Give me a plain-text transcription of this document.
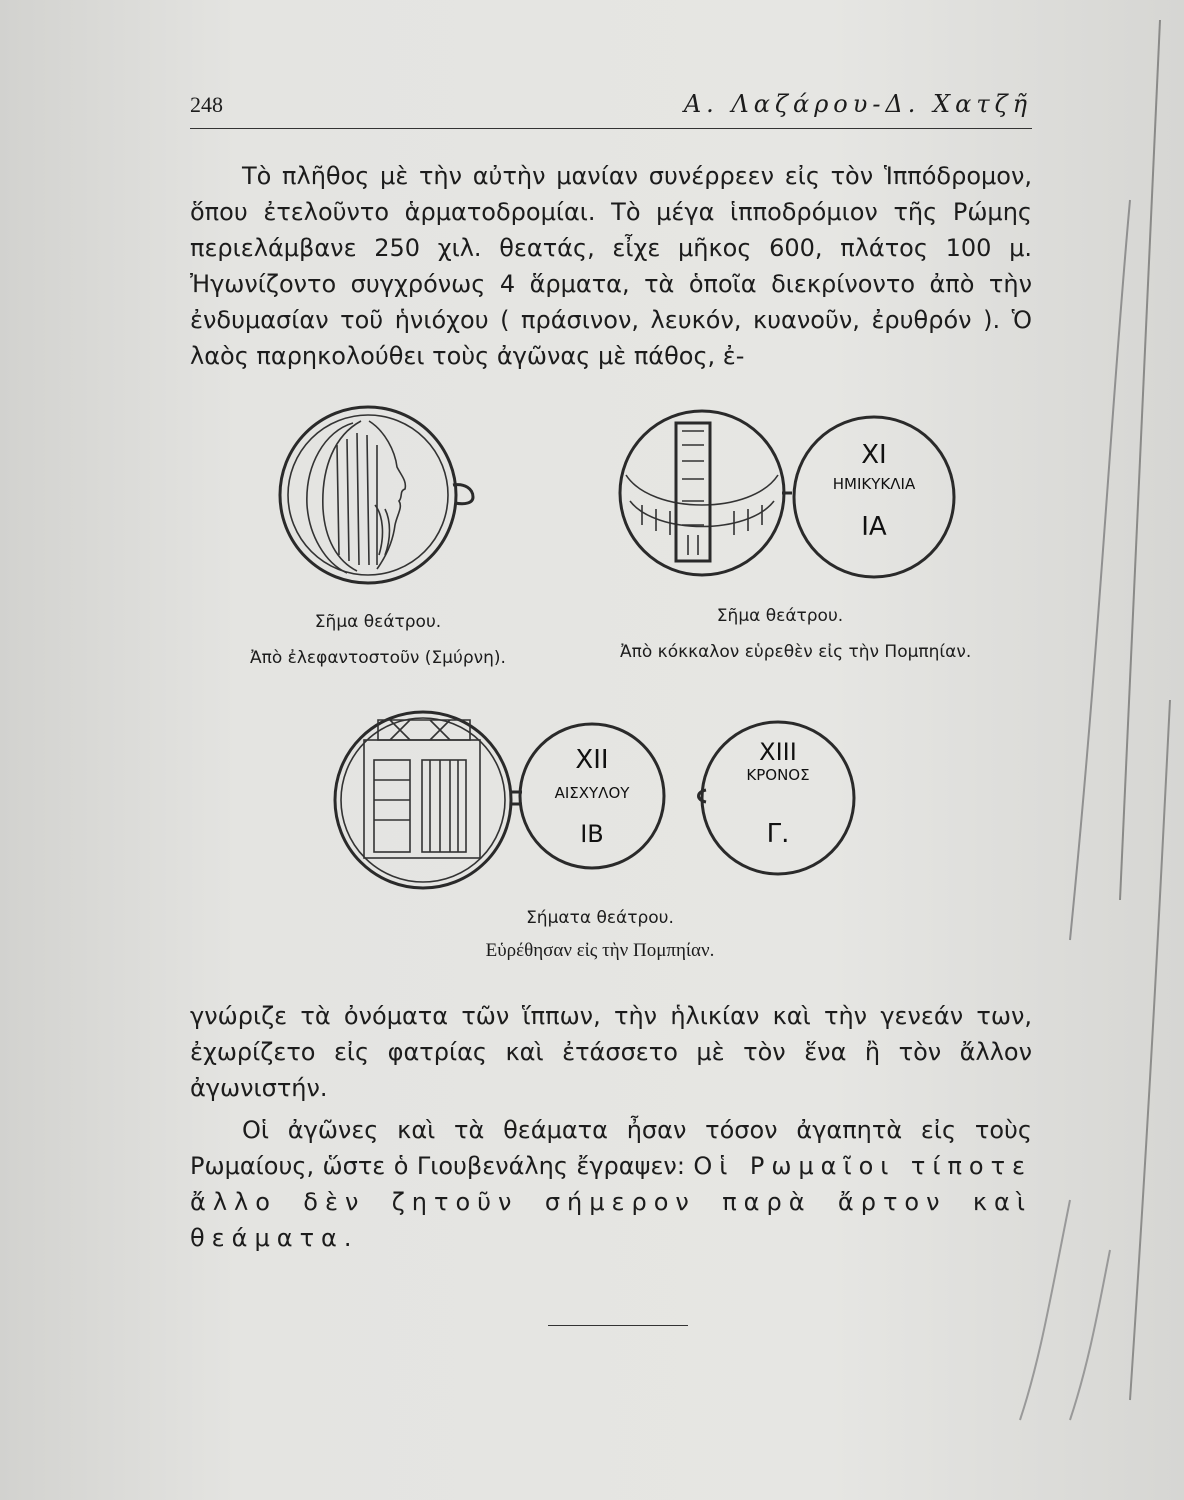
248	Α. Λαζάρου-Δ. Χατζῆ

Τὸ πλῆθος μὲ τὴν αὐτὴν μανίαν συνέρρεεν εἰς τὸν Ἱππόδρομον, ὅπου ἐτελοῦντο ἁρματοδρομίαι. Τὸ μέγα ἱπποδρόμιον τῆς Ρώμης περιελάμβανε 250 χιλ. θεατάς, εἶχε μῆκος 600, πλάτος 100 μ. Ἠγωνίζοντο συγχρόνως 4 ἅρματα, τὰ ὁποῖα διεκρίνοντο ἀπὸ τὴν ἐνδυμασίαν τοῦ ἡνιόχου ( πράσινον, λευκόν, κυανοῦν, ἐρυθρόν ). Ὁ λαὸς παρηκολούθει τοὺς ἀγῶνας μὲ πάθος, ἐ-

XI
ΗΜΙΚΥΚΛΙΑ
ΙΑ
Σῆμα θεάτρου.
Ἀπὸ ἐλεφαντοστοῦν (Σμύρνη).
Σῆμα θεάτρου.
Ἀπὸ κόκκαλον εὑρεθὲν εἰς τὴν Πομπηίαν.
XII
ΑΙΣΧΥΛΟΥ
ΙΒ
XIII
ΚΡΟΝΟΣ
Γ.
Σήματα θεάτρου.
Εὑρέθησαν εἰς τὴν Πομπηίαν.

γνώριζε τὰ ὀνόματα τῶν ἵππων, τὴν ἡλικίαν καὶ τὴν γενεάν των, ἐχωρίζετο εἰς φατρίας καὶ ἐτάσσετο μὲ τὸν ἕνα ἢ τὸν ἄλλον ἀγωνιστήν.

Οἱ ἀγῶνες καὶ τὰ θεάματα ἦσαν τόσον ἀγαπητὰ εἰς τοὺς Ρωμαίους, ὥστε ὁ Γιουβενάλης ἔγραψεν: Οἱ Ρωμαῖοι τίποτε ἄλλο δὲν ζητοῦν σήμερον παρὰ ἄρτον καὶ θεάματα.
